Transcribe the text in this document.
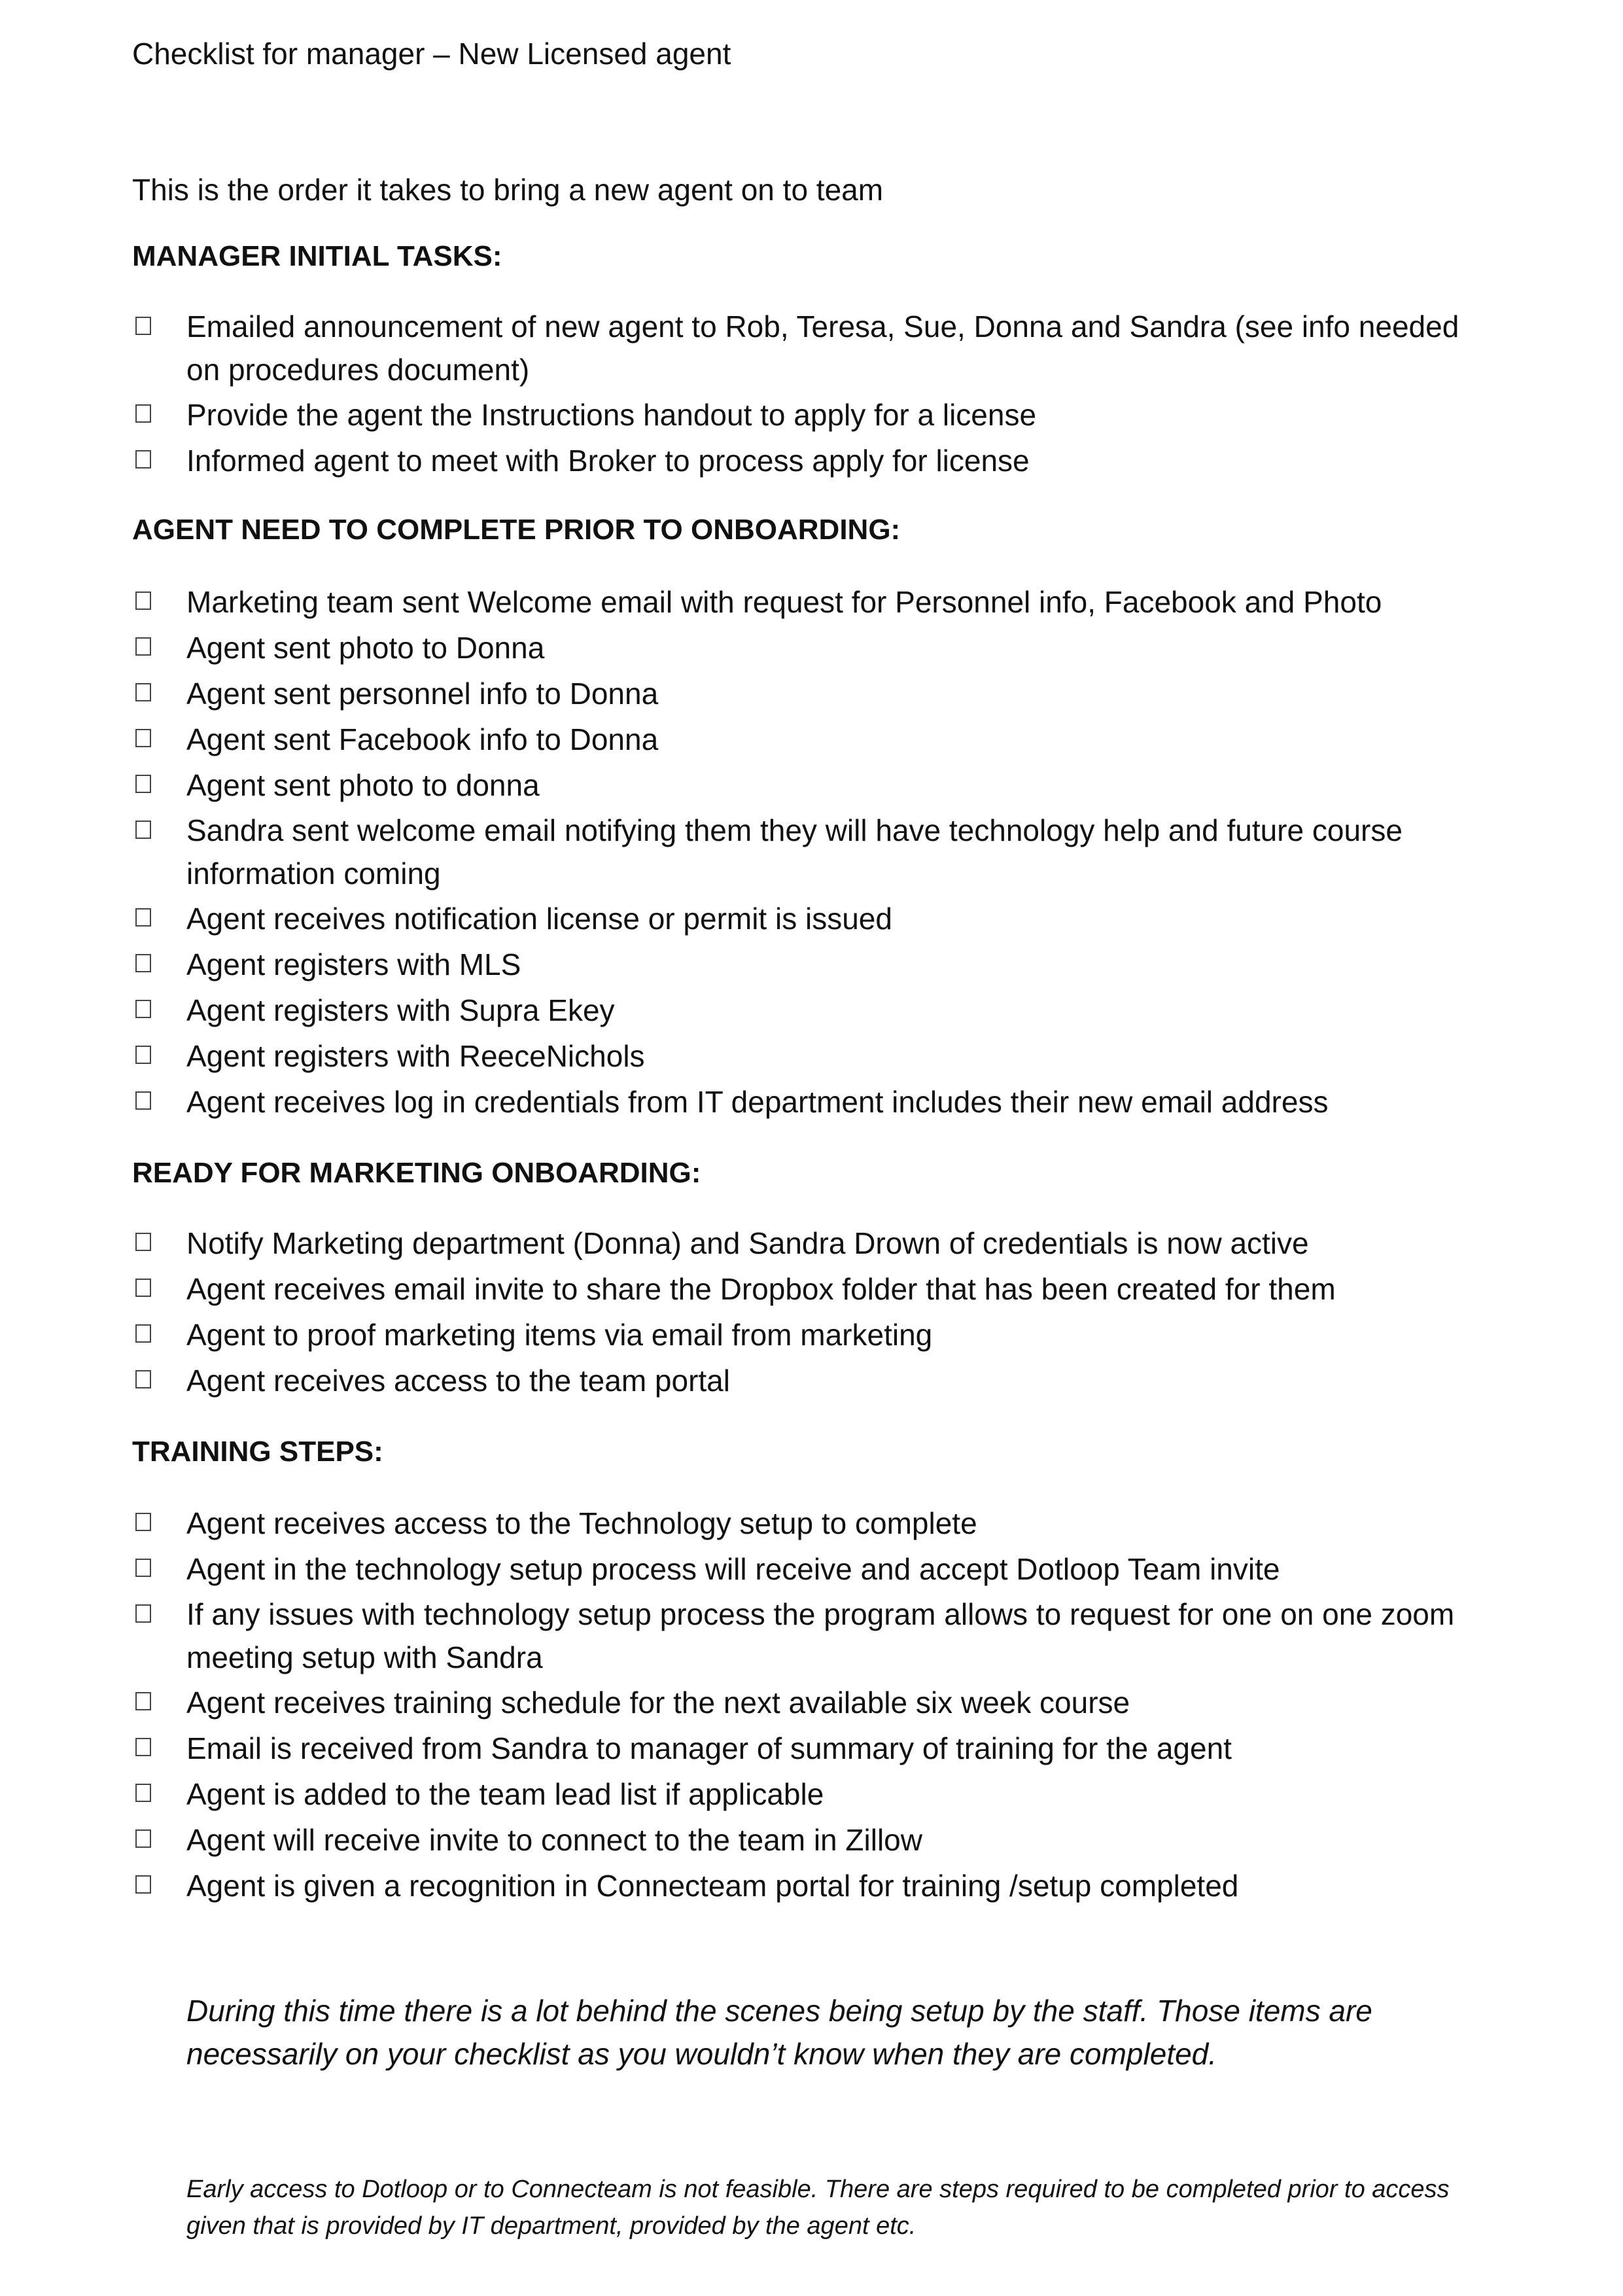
Checklist for manager – New Licensed agent
This is the order it takes to bring a new agent on to team
MANAGER INITIAL TASKS:
Emailed announcement of new agent to Rob, Teresa, Sue, Donna and Sandra (see info needed on procedures document)
Provide the agent the Instructions handout to apply for a license
Informed agent to meet with Broker to process apply for license
AGENT NEED TO COMPLETE PRIOR TO ONBOARDING:
Marketing team sent Welcome email with request for Personnel info, Facebook and Photo
Agent sent photo to Donna
Agent sent personnel info to Donna
Agent sent Facebook info to Donna
Agent sent photo to donna
Sandra sent welcome email notifying them they will have technology help and future course information coming
Agent receives notification license or permit is issued
Agent registers with MLS
Agent registers with Supra Ekey
Agent registers with ReeceNichols
Agent receives log in credentials from IT department includes their new email address
READY FOR MARKETING ONBOARDING:
Notify Marketing department (Donna) and Sandra Drown of credentials is now active
Agent receives email invite to share the Dropbox folder that has been created for them
Agent to proof marketing items via email from marketing
Agent receives access to the team portal
TRAINING STEPS:
Agent receives access to the Technology setup to complete
Agent in the technology setup process will receive and accept Dotloop Team invite
If any issues with technology setup process the program allows to request for one on one zoom meeting setup with Sandra
Agent receives training schedule for the next available six week course
Email is received from Sandra to manager of summary of training for the agent
Agent is added to the team lead list if applicable
Agent will receive invite to connect to the team in Zillow
Agent is given a recognition in Connecteam portal for training /setup completed
During this time there is a lot behind the scenes being setup by the staff. Those items are necessarily on your checklist as you wouldn’t know when they are completed.
Early access to Dotloop or to Connecteam is not feasible. There are steps required to be completed prior to access given that is provided by IT department, provided by the agent etc.
